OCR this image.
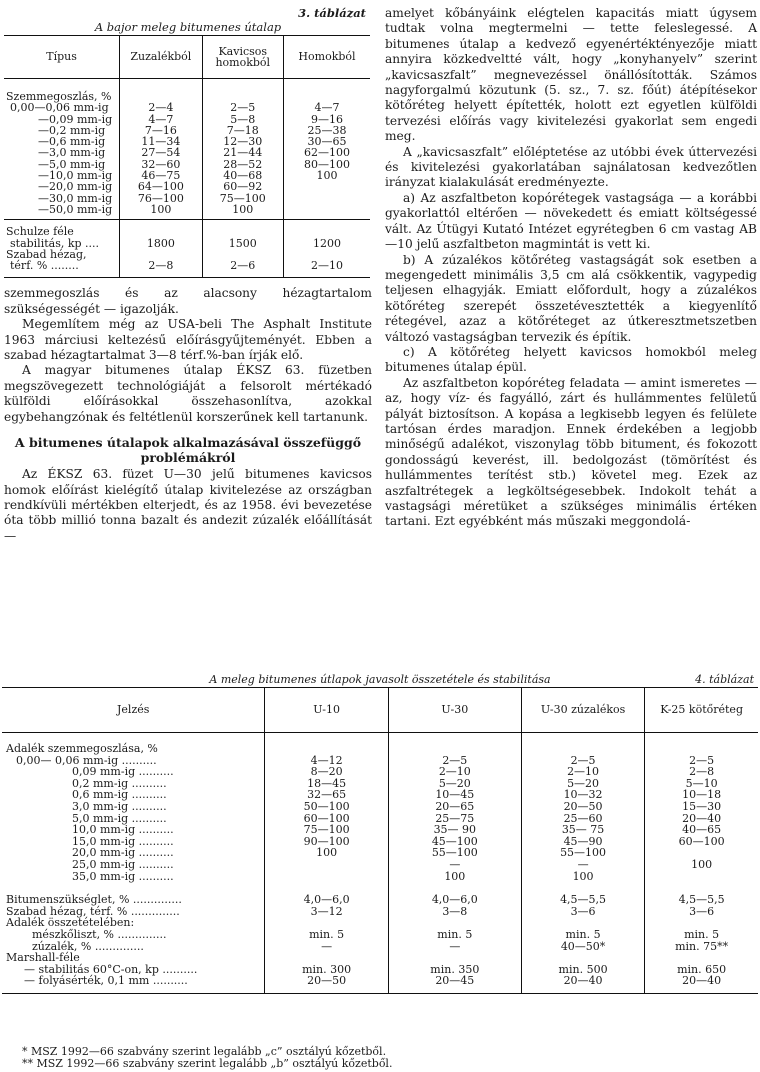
3. táblázat
A bajor meleg bitumenes útalap
Típus	Zuzalékból	Kavicsos homokból	Homokból
Szemmegoszlás, %			
0,00—0,06 mm-ig	2—4	2—5	4—7
—0,09 mm-ig	4—7	5—8	9—16
—0,2 mm-ig	7—16	7—18	25—38
—0,6 mm-ig	11—34	12—30	30—65
—3,0 mm-ig	27—54	21—44	62—100
—5,0 mm-ig	32—60	28—52	80—100
—10,0 mm-ig	46—75	40—68	100
—20,0 mm-ig	64—100	60—92	
—30,0 mm-ig	76—100	75—100	
—50,0 mm-ig	100	100	
Schulze féle			
stabilitás, kp ....	1800	1500	1200
Szabad hézag,			
térf. % ........	2—8	2—6	2—10

szemmegoszlás és az alacsony hézagtartalom szükségességét — igazolják.

Megemlítem még az USA-beli The Asphalt Institute 1963 márciusi keltezésű előírásgyűjteményét. Ebben a szabad hézagtartalmat 3—8 térf.%-ban írják elő.

A magyar bitumenes útalap ÉKSZ 63. füzetben megszövegezett technológiáját a felsorolt mértékadó külföldi előírásokkal összehasonlítva, azokkal egybehangzónak és feltétlenül korszerűnek kell tartanunk.

A bitumenes útalapok alkalmazásával összefüggő problémákról

Az ÉKSZ 63. füzet U—30 jelű bitumenes kavicsos homok előírást kielégítő útalap kivitelezése az országban rendkívüli mértékben elterjedt, és az 1958. évi bevezetése óta több millió tonna bazalt és andezit zúzalék előállítását —

amelyet kőbányáink elégtelen kapacitás miatt úgysem tudtak volna megtermelni — tette feleslegessé. A bitumenes útalap a kedvező egyenértéktényezője miatt annyira közkedveltté vált, hogy „konyhanyelv” szerint „kavicsaszfalt” megnevezéssel önállósították. Számos nagyforgalmú közutunk (5. sz., 7. sz. főút) átépítésekor kötőréteg helyett építették, holott ezt egyetlen külföldi tervezési előírás vagy kivitelezési gyakorlat sem engedi meg.

A „kavicsaszfalt” előléptetése az utóbbi évek úttervezési és kivitelezési gyakorlatában sajnálatosan kedvezőtlen irányzat kialakulását eredményezte.

a) Az aszfaltbeton kopórétegek vastagsága — a korábbi gyakorlattól eltérően — növekedett és emiatt költségessé vált. Az Útügyi Kutató Intézet egyrétegben 6 cm vastag AB—10 jelű aszfaltbeton magmintát is vett ki.

b) A zúzalékos kötőréteg vastagságát sok esetben a megengedett minimális 3,5 cm alá csökkentik, vagypedig teljesen elhagyják. Emiatt előfordult, hogy a zúzalékos kötőréteg szerepét összetévesztették a kiegyenlítő rétegével, azaz a kötőréteget az útkeresztmetszetben változó vastagságban tervezik és építik.

c) A kötőréteg helyett kavicsos homokból meleg bitumenes útalap épül.

Az aszfaltbeton kopóréteg feladata — amint ismeretes — az, hogy víz- és fagyálló, zárt és hullámmentes felületű pályát biztosítson. A kopása a legkisebb legyen és felülete tartósan érdes maradjon. Ennek érdekében a legjobb minőségű adalékot, viszonylag több bitument, és fokozott gondosságú keverést, ill. bedolgozást (tömörítést és hullámmentes terítést stb.) követel meg. Ezek az aszfaltrétegek a legköltségesebbek. Indokolt tehát a vastagsági méretüket a szükséges minimális értéken tartani. Ezt egyébként más műszaki meggondolá-

A meleg bitumenes útlapok javasolt összetétele és stabilitása	4. táblázat
Jelzés	U-10	U-30	U-30 zúzalékos	K-25 kötőréteg
Adalék szemmegoszlása, %				
0,00— 0,06 mm-ig ..........	4—12	2—5	2—5	2—5
0,09 mm-ig ..........	8—20	2—10	2—10	2—8
0,2 mm-ig ..........	18—45	5—20	5—20	5—10
0,6 mm-ig ..........	32—65	10—45	10—32	10—18
3,0 mm-ig ..........	50—100	20—65	20—50	15—30
5,0 mm-ig ..........	60—100	25—75	25—60	20—40
10,0 mm-ig ..........	75—100	35— 90	35— 75	40—65
15,0 mm-ig ..........	90—100	45—100	45—90	60—100
20,0 mm-ig ..........	100	55—100	55—100	
25,0 mm-ig ..........		—	—	100
35,0 mm-ig ..........		100	100	

Bitumenszükséglet, % ..............	4,0—6,0	4,0—6,0	4,5—5,5	4,5—5,5
Szabad hézag, térf. % ..............	3—12	3—8	3—6	3—6
Adalék összetételében:				
mészkőliszt, % ..............	min. 5	min. 5	min. 5	min. 5
zúzalék, % ..............	—	—	40—50*	min. 75**
Marshall-féle				
— stabilitás 60°C-on, kp ..........	min. 300	min. 350	min. 500	min. 650
— folyásérték, 0,1 mm ..........	20—50	20—45	20—40	20—40
* MSZ 1992—66 szabvány szerint legalább „c” osztályú kőzetből.
** MSZ 1992—66 szabvány szerint legalább „b” osztályú kőzetből.
